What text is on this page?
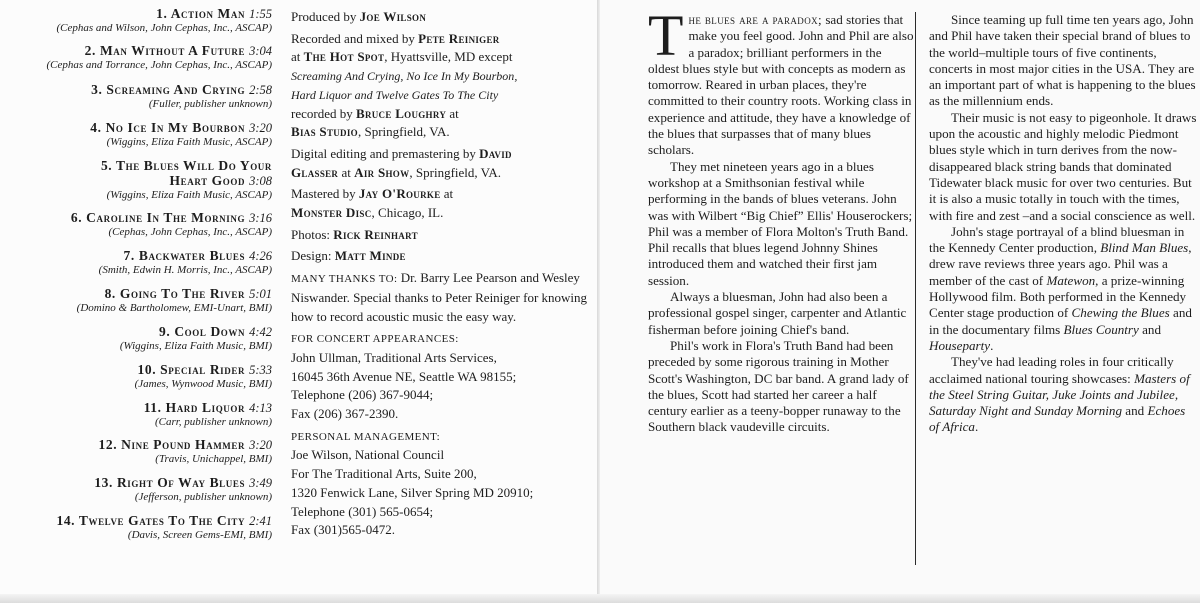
1. Action Man 1:55
(Cephas and Wilson, John Cephas, Inc., ASCAP)
2. Man Without A Future 3:04
(Cephas and Torrance, John Cephas, Inc., ASCAP)
3. Screaming And Crying 2:58
(Fuller, publisher unknown)
4. No Ice In My Bourbon 3:20
(Wiggins, Eliza Faith Music, ASCAP)
5. The Blues Will Do Your
Heart Good 3:08
(Wiggins, Eliza Faith Music, ASCAP)
6. Caroline In The Morning 3:16
(Cephas, John Cephas, Inc., ASCAP)
7. Backwater Blues 4:26
(Smith, Edwin H. Morris, Inc., ASCAP)
8. Going To The River 5:01
(Domino & Bartholomew, EMI-Unart, BMI)
9. Cool Down 4:42
(Wiggins, Eliza Faith Music, BMI)
10. Special Rider 5:33
(James, Wynwood Music, BMI)
11. Hard Liquor 4:13
(Carr, publisher unknown)
12. Nine Pound Hammer 3:20
(Travis, Unichappel, BMI)
13. Right Of Way Blues 3:49
(Jefferson, publisher unknown)
14. Twelve Gates To The City 2:41
(Davis, Screen Gems-EMI, BMI)

Produced by Joe Wilson

Recorded and mixed by Pete Reiniger
at The Hot Spot, Hyattsville, MD except
Screaming And Crying, No Ice In My Bourbon,
Hard Liquor and Twelve Gates To The City
recorded by Bruce Loughry at
Bias Studio, Springfield, VA.

Digital editing and premastering by David
Glasser at Air Show, Springfield, VA.

Mastered by Jay O'Rourke at
Monster Disc, Chicago, IL.

Photos: Rick Reinhart

Design: Matt Minde

MANY THANKS TO: Dr. Barry Lee Pearson and Wesley Niswander. Special thanks to Peter Reiniger for knowing how to record acoustic music the easy way.

FOR CONCERT APPEARANCES:
John Ullman, Traditional Arts Services,
16045 36th Avenue NE, Seattle WA 98155;
Telephone (206) 367-9044;
Fax (206) 367-2390.

PERSONAL MANAGEMENT:
Joe Wilson, National Council
For The Traditional Arts, Suite 200,
1320 Fenwick Lane, Silver Spring MD 20910;
Telephone (301) 565-0654;
Fax (301)565-0472.

The blues are a paradox; sad stories that make you feel good. John and Phil are also a paradox; brilliant performers in the oldest blues style but with concepts as modern as tomorrow. Reared in urban places, they're committed to their country roots. Working class in experience and attitude, they have a knowledge of the blues that surpasses that of many blues scholars.

They met nineteen years ago in a blues workshop at a Smithsonian festival while performing in the bands of blues veterans. John was with Wilbert “Big Chief” Ellis' Houserockers; Phil was a member of Flora Molton's Truth Band. Phil recalls that blues legend Johnny Shines introduced them and watched their first jam session.

Always a bluesman, John had also been a professional gospel singer, carpenter and Atlantic fisherman before joining Chief's band.

Phil's work in Flora's Truth Band had been preceded by some rigorous training in Mother Scott's Washington, DC bar band. A grand lady of the blues, Scott had started her career a half century earlier as a teeny-bopper runaway to the Southern black vaudeville circuits.

Since teaming up full time ten years ago, John and Phil have taken their special brand of blues to the world–multiple tours of five continents, concerts in most major cities in the USA. They are an important part of what is happening to the blues as the millennium ends.

Their music is not easy to pigeonhole. It draws upon the acoustic and highly melodic Piedmont blues style which in turn derives from the now-disappeared black string bands that dominated Tidewater black music for over two centuries. But it is also a music totally in touch with the times, with fire and zest –and a social conscience as well.

John's stage portrayal of a blind bluesman in the Kennedy Center production, Blind Man Blues, drew rave reviews three years ago. Phil was a member of the cast of Matewon, a prize-winning Hollywood film. Both performed in the Kennedy Center stage production of Chewing the Blues and in the documentary films Blues Country and Houseparty.

They've had leading roles in four critically acclaimed national touring showcases: Masters of the Steel String Guitar, Juke Joints and Jubilee, Saturday Night and Sunday Morning and Echoes of Africa.
